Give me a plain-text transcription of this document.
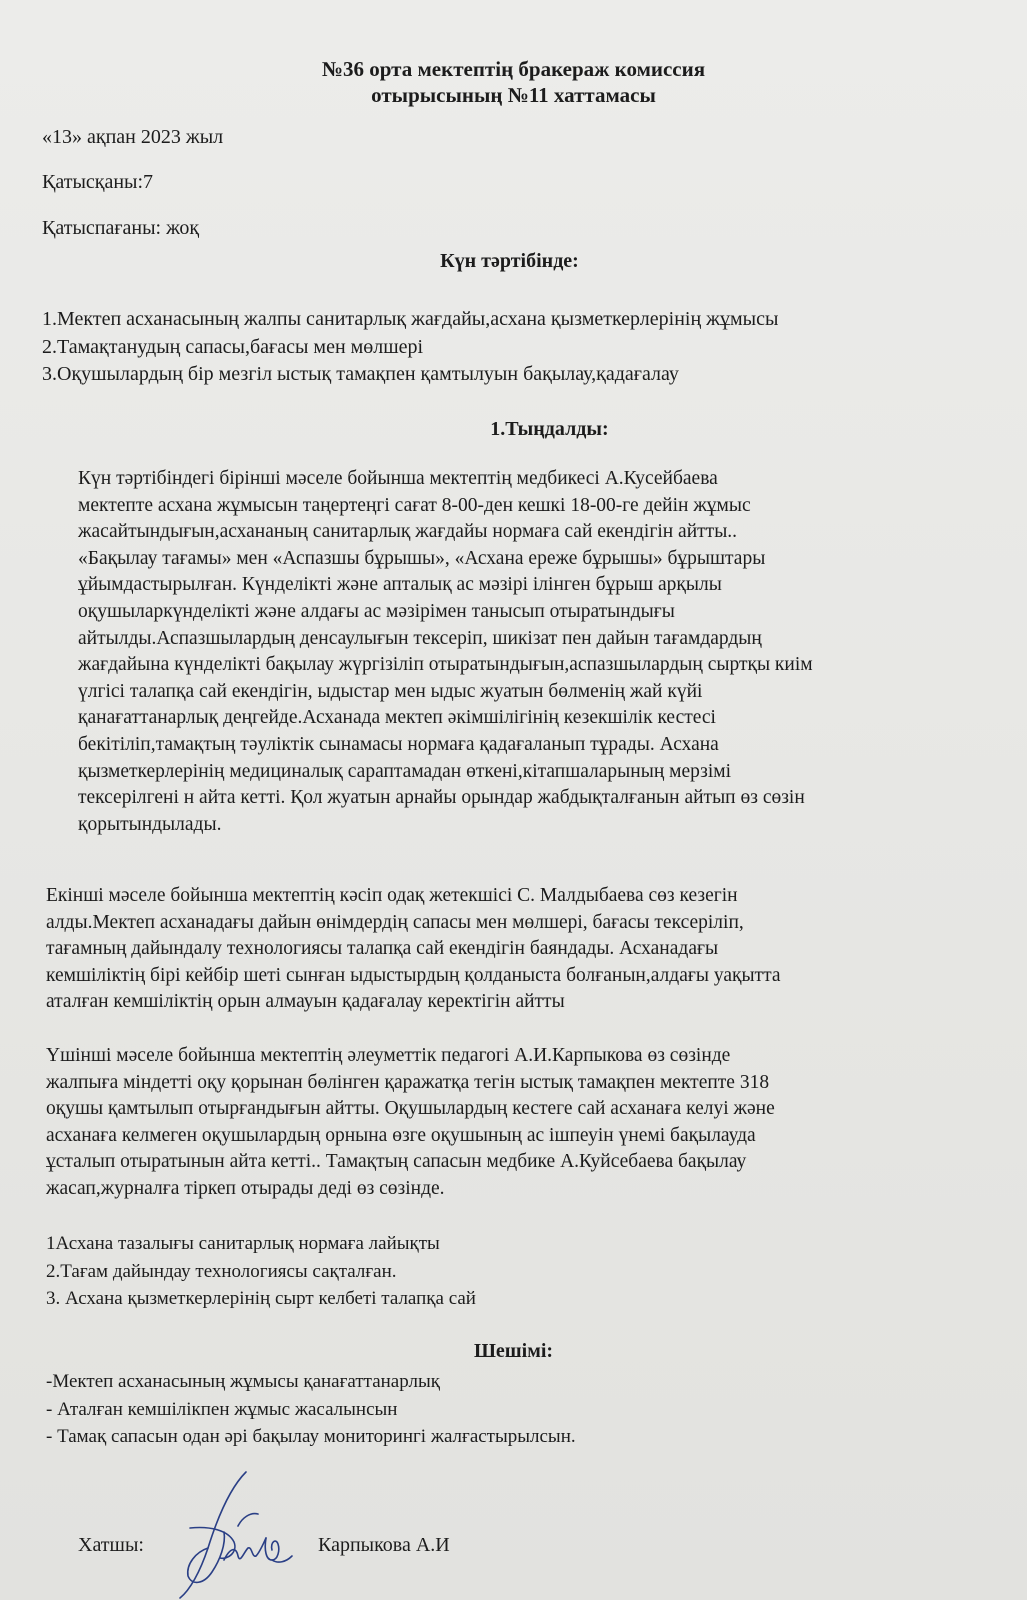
№36 орта мектептің бракераж комиссия
отырысының №11 хаттамасы
«13» ақпан 2023 жыл
Қатысқаны:7
Қатыспағаны: жоқ
Күн тәртібінде:
1.Мектеп асханасының жалпы санитарлық жағдайы,асхана қызметкерлерінің жұмысы
2.Тамақтанудың сапасы,бағасы мен мөлшері
3.Оқушылардың бір мезгіл ыстық тамақпен қамтылуын бақылау,қадағалау
1.Тыңдалды:

Күн тәртібіндегі бірінші мәселе бойынша мектептің медбикесі А.Кусейбаева
мектепте асхана жұмысын таңертеңгі сағат 8-00-ден кешкі 18-00-ге дейін жұмыс
жасайтындығын,асхананың санитарлық жағдайы нормаға сай екендігін айтты..
«Бақылау тағамы» мен «Аспазшы бұрышы», «Асхана ереже бұрышы» бұрыштары
ұйымдастырылған. Күнделікті және апталық ас мәзірі ілінген бұрыш арқылы
оқушыларкүнделікті және алдағы ас мәзірімен танысып отыратындығы
айтылды.Аспазшылардың денсаулығын тексеріп, шикізат пен дайын тағамдардың
жағдайына күнделікті бақылау жүргізіліп отыратындығын,аспазшылардың сыртқы киім
үлгісі талапқа сай екендігін, ыдыстар мен ыдыс жуатын бөлменің жай күйі
қанағаттанарлық деңгейде.Асханада мектеп әкімшілігінің кезекшілік кестесі
бекітіліп,тамақтың тәуліктік сынамасы нормаға қадағаланып тұрады. Асхана
қызметкерлерінің медициналық сараптамадан өткені,кітапшаларының мерзімі
тексерілгені н айта кетті. Қол жуатын арнайы орындар жабдықталғанын айтып өз сөзін
қорытындылады.

Екінші мәселе бойынша мектептің кәсіп одақ жетекшісі С. Малдыбаева сөз кезегін
алды.Мектеп асханадағы дайын өнімдердің сапасы мен мөлшері, бағасы тексеріліп,
тағамның дайындалу технологиясы талапқа сай екендігін баяндады. Асханадағы
кемшіліктің бірі кейбір шеті сынған ыдыстырдың қолданыста болғанын,алдағы уақытта
аталған кемшіліктің орын алмауын қадағалау керектігін айтты

Үшінші мәселе бойынша мектептің әлеуметтік педагогі А.И.Карпыкова өз сөзінде
жалпыға міндетті оқу қорынан бөлінген қаражатқа тегін ыстық тамақпен мектепте 318
оқушы қамтылып отырғандығын айтты. Оқушылардың кестеге сай асханаға келуі және
асханаға келмеген оқушылардың орнына өзге оқушының ас ішпеуін үнемі бақылауда
ұсталып отыратынын айта кетті.. Тамақтың сапасын медбике А.Куйсебаева бақылау
жасап,журналға тіркеп отырады деді өз сөзінде.

1Асхана тазалығы санитарлық нормаға лайықты
2.Тағам дайындау технологиясы сақталған.
3. Асхана қызметкерлерінің сырт келбеті талапқа сай
Шешімі:
-Мектеп асханасының жұмысы қанағаттанарлық
- Аталған кемшілікпен жұмыс жасалынсын
- Тамақ сапасын одан әрі бақылау мониторингі жалғастырылсын.
Хатшы:	Карпыкова А.И
